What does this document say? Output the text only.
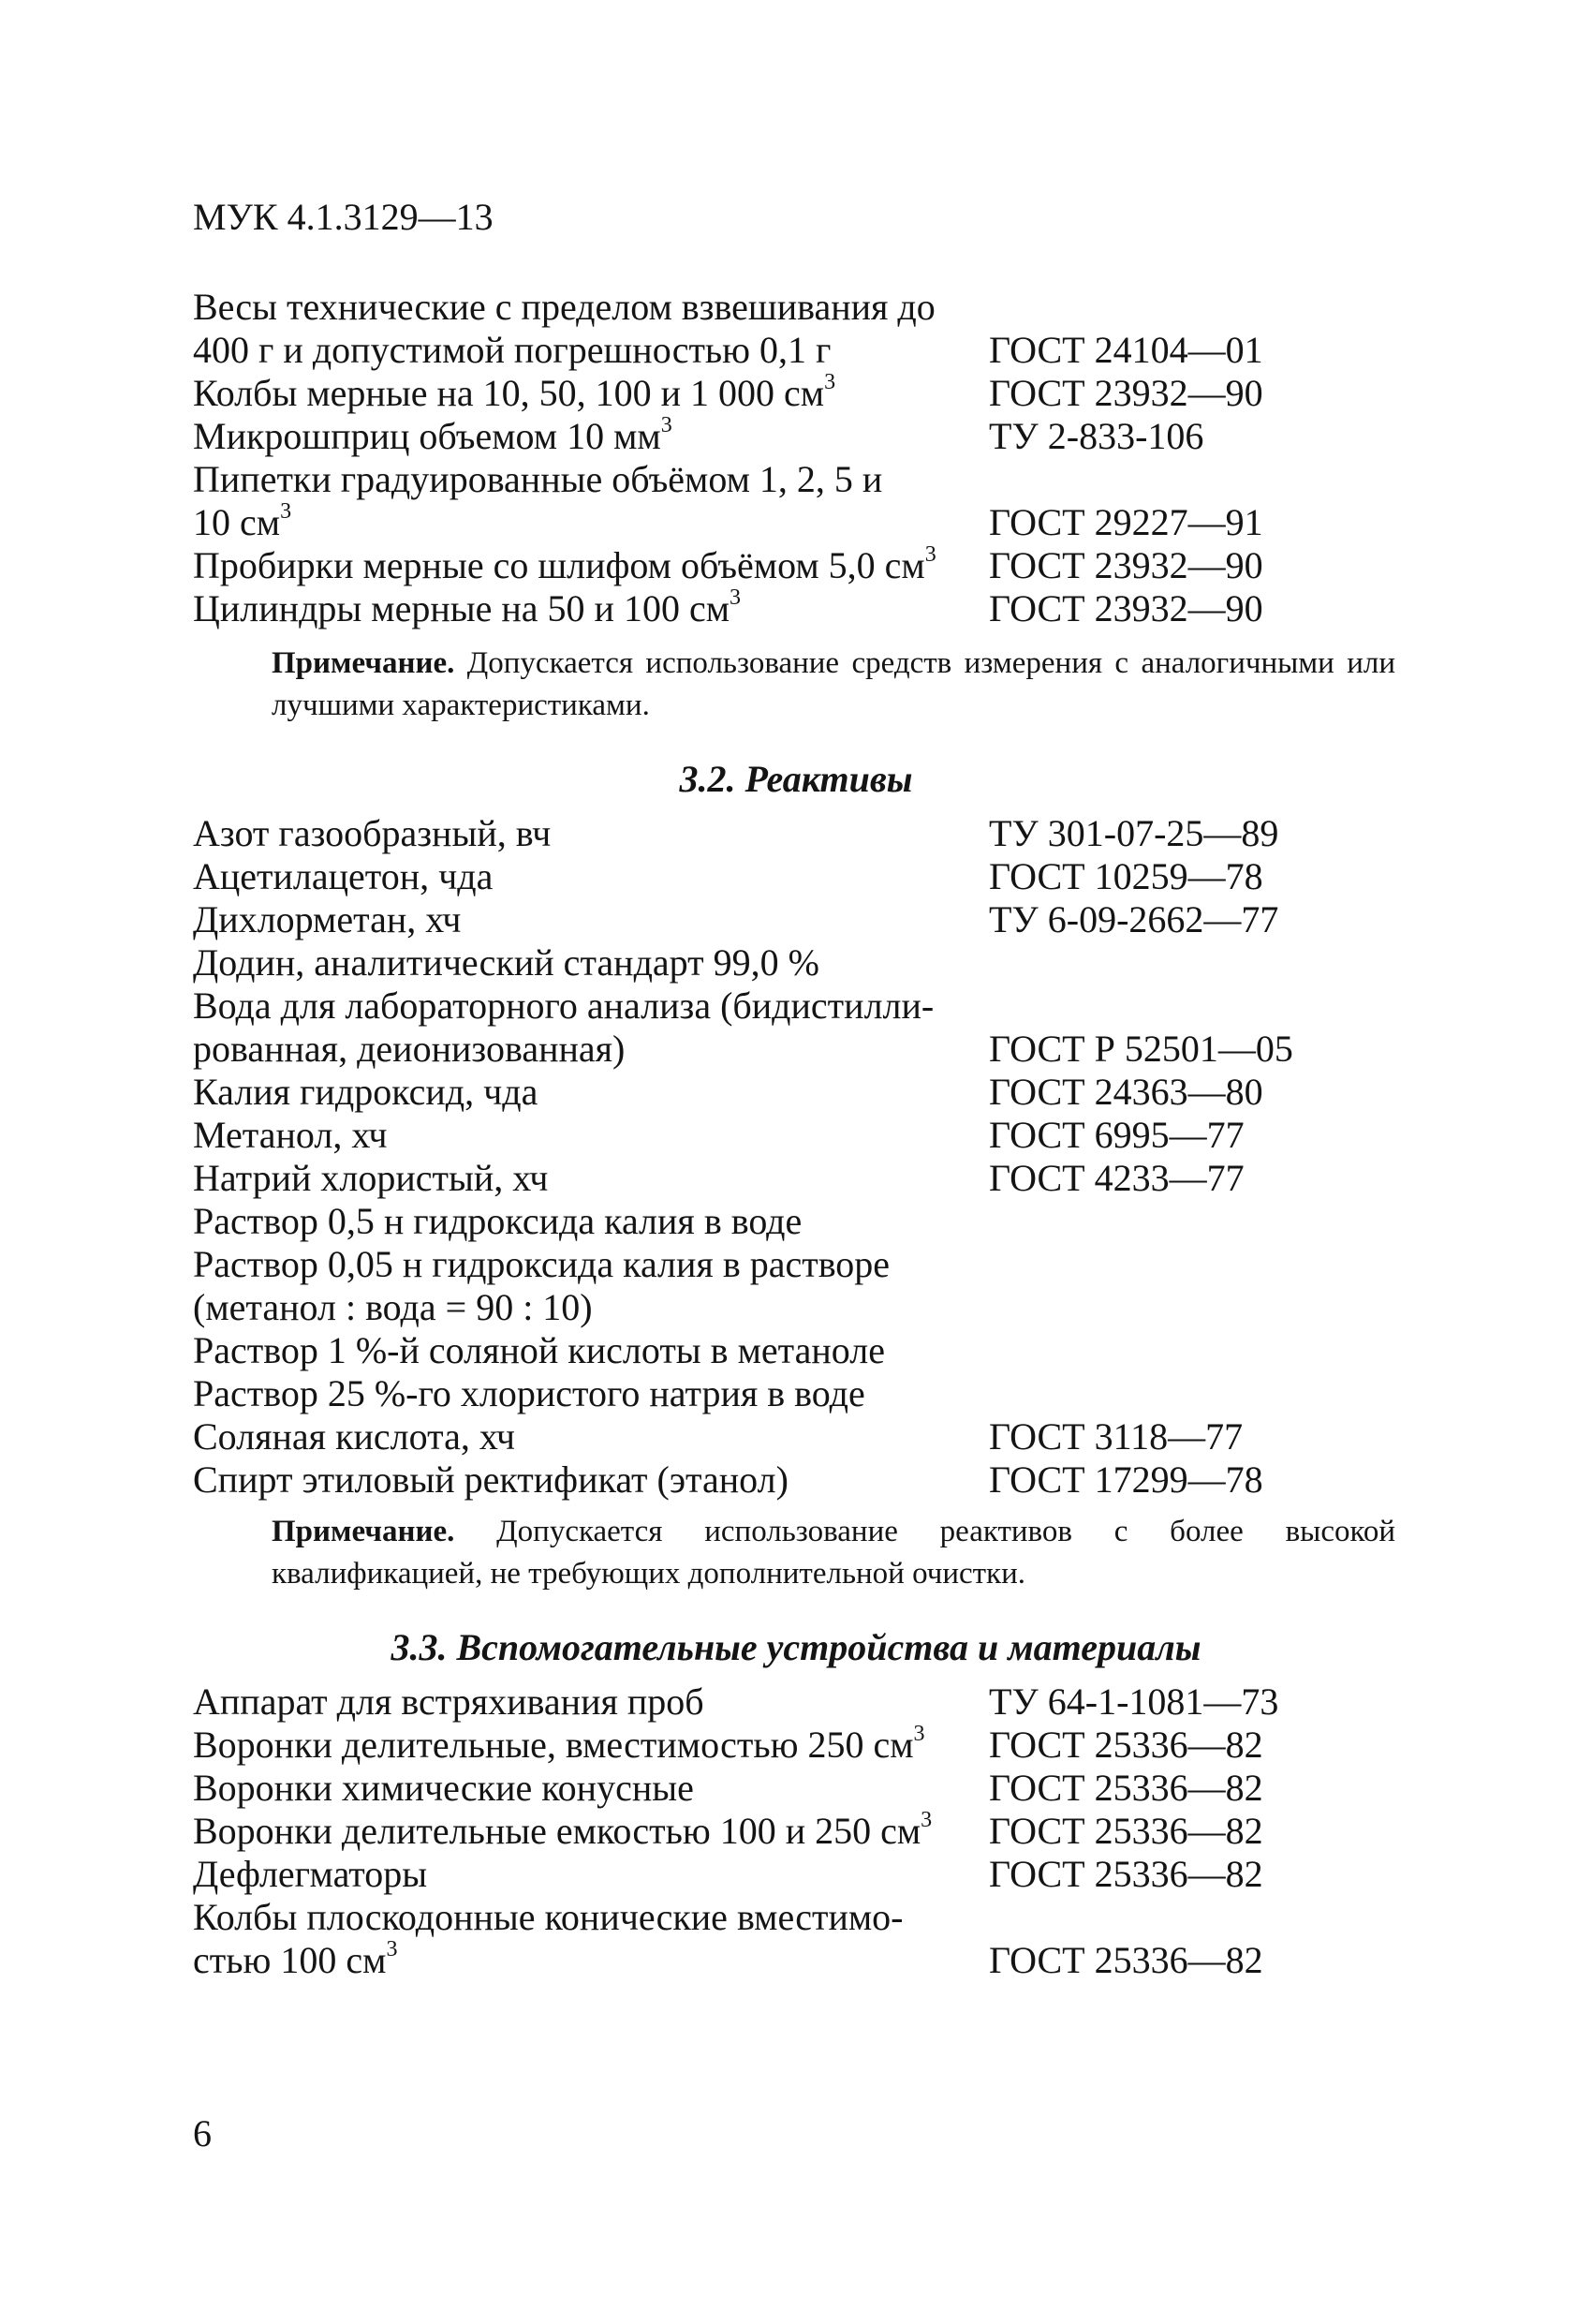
МУК 4.1.3129—13
Весы технические с пределом взвешивания до
400 г и допустимой погрешностью 0,1 г	ГОСТ 24104—01
Колбы мерные на 10, 50, 100 и 1 000 $см^3$	ГОСТ 23932—90
Микрошприц объемом 10 $мм^3$	ТУ 2-833-106
Пипетки градуированные объёмом 1, 2, 5 и
10 $см^3$	ГОСТ 29227—91
Пробирки мерные со шлифом объёмом 5,0 $см^3$ ГОСТ 23932—90
Цилиндры мерные на 50 и 100 $см^3$	ГОСТ 23932—90
Примечание. Допускается использование средств измерения с аналогичными или лучшими характеристиками.
3.2. Реактивы
Азот газообразный, вч	ТУ 301-07-25—89
Ацетилацетон, чда	ГОСТ 10259—78
Дихлорметан, хч	ТУ 6-09-2662—77
Додин, аналитический стандарт 99,0 %
Вода для лабораторного анализа (бидистилли-
рованная, деионизованная)	ГОСТ Р 52501—05
Калия гидроксид, чда	ГОСТ 24363—80
Метанол, хч	ГОСТ 6995—77
Натрий хлористый, хч	ГОСТ 4233—77
Раствор 0,5 н гидроксида калия в воде
Раствор 0,05 н гидроксида калия в растворе
(метанол : вода = 90 : 10)
Раствор 1 %-й соляной кислоты в метаноле
Раствор 25 %-го хлористого натрия в воде
Соляная кислота, хч	ГОСТ 3118—77
Спирт этиловый ректификат (этанол)	ГОСТ 17299—78
Примечание. Допускается использование реактивов с более высокой квалификацией, не требующих дополнительной очистки.
3.3. Вспомогательные устройства и материалы
Аппарат для встряхивания проб	ТУ 64-1-1081—73
Воронки делительные, вместимостью 250 $см^3$ ГОСТ 25336—82
Воронки химические конусные	ГОСТ 25336—82
Воронки делительные емкостью 100 и 250 $см^3$ ГОСТ 25336—82
Дефлегматоры	ГОСТ 25336—82
Колбы плоскодонные конические вместимо-
стью 100 $см^3$	ГОСТ 25336—82
6
